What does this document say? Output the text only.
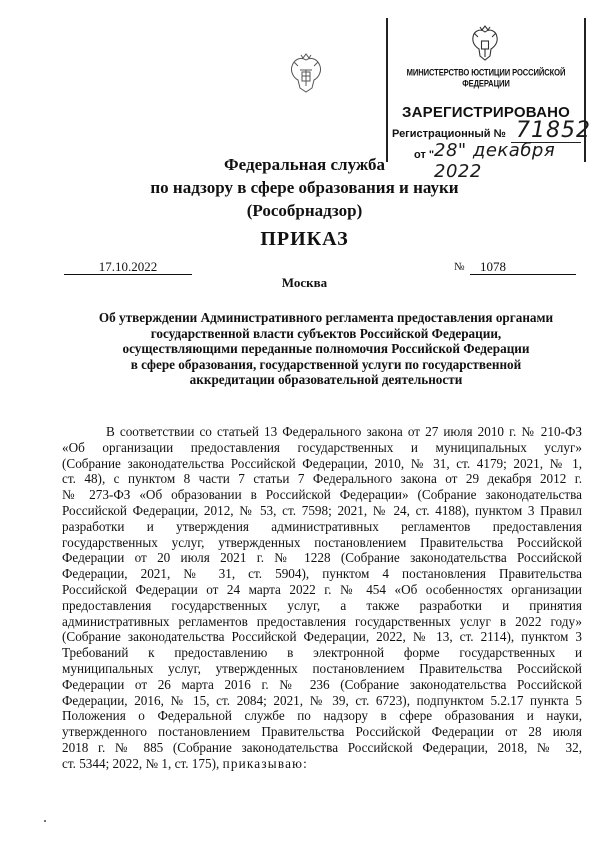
МИНИСТЕРСТВО ЮСТИЦИИ РОССИЙСКОЙ ФЕДЕРАЦИИ
ЗАРЕГИСТРИРОВАНО
Регистрационный № 71852
от " 28" декабря 2022
Федеральная служба
по надзору в сфере образования и науки
(Рособрнадзор)
ПРИКАЗ
17.10.2022	№	1078
Москва
Об утверждении Административного регламента предоставления органами
государственной власти субъектов Российской Федерации,
осуществляющими переданные полномочия Российской Федерации
в сфере образования, государственной услуги по государственной
аккредитации образовательной деятельности
В соответствии со статьей 13 Федерального закона от 27 июля 2010 г. № 210-ФЗ
«Об организации предоставления государственных и муниципальных услуг»
(Собрание законодательства Российской Федерации, 2010, № 31, ст. 4179; 2021, № 1,
ст. 48), с пунктом 8 части 7 статьи 7 Федерального закона от 29 декабря 2012 г.
№ 273-ФЗ «Об образовании в Российской Федерации» (Собрание законодательства
Российской Федерации, 2012, № 53, ст. 7598; 2021, № 24, ст. 4188), пунктом 3 Правил
разработки и утверждения административных регламентов предоставления
государственных услуг, утвержденных постановлением Правительства Российской
Федерации от 20 июля 2021 г. № 1228 (Собрание законодательства Российской
Федерации, 2021, № 31, ст. 5904), пунктом 4 постановления Правительства
Российской Федерации от 24 марта 2022 г. № 454 «Об особенностях организации
предоставления государственных услуг, а также разработки и принятия
административных регламентов предоставления государственных услуг в 2022 году»
(Собрание законодательства Российской Федерации, 2022, № 13, ст. 2114), пунктом 3
Требований к предоставлению в электронной форме государственных и
муниципальных услуг, утвержденных постановлением Правительства Российской
Федерации от 26 марта 2016 г. № 236 (Собрание законодательства Российской
Федерации, 2016, № 15, ст. 2084; 2021, № 39, ст. 6723), подпунктом 5.2.17 пункта 5
Положения о Федеральной службе по надзору в сфере образования и науки,
утвержденного постановлением Правительства Российской Федерации от 28 июля
2018 г. № 885 (Собрание законодательства Российской Федерации, 2018, № 32,
ст. 5344; 2022, № 1, ст. 175), приказываю:
